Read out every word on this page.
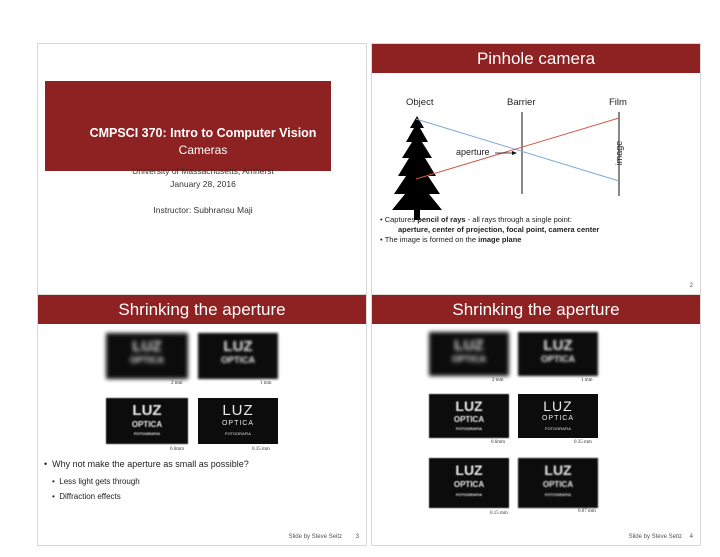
CMPSCI 370: Intro to Computer Vision
Cameras
University of Massachusetts, Amherst
January 28, 2016
Instructor: Subhransu Maji
Pinhole camera
Object	Barrier	Film
aperture	image
• Captures pencil of rays - all rays through a single point:
aperture, center of projection, focal point, camera center
• The image is formed on the image plane
2
Shrinking the aperture
LUZ
OPTICA
LUZ
OPTICA
2 mm	1 mm
LUZ
OPTICA
FOTOGRAFIA
LUZ
OPTICA
FOTOGRAFIA
0.6mm	0.35 mm
•  Why not make the aperture as small as possible?
•  Less light gets through
•  Diffraction effects
Slide by Steve Seitz 3
Shrinking the aperture
LUZ
OPTICA
LUZ
OPTICA
2 mm	1 mm
LUZ
OPTICA
FOTOGRAFIA
LUZ
OPTICA
FOTOGRAFIA
0.6mm	0.35 mm
LUZ
OPTICA
FOTOGRAFIA
LUZ
OPTICA
FOTOGRAFIA
0.15 mm	0.07 mm
Slide by Steve Seitz 4
